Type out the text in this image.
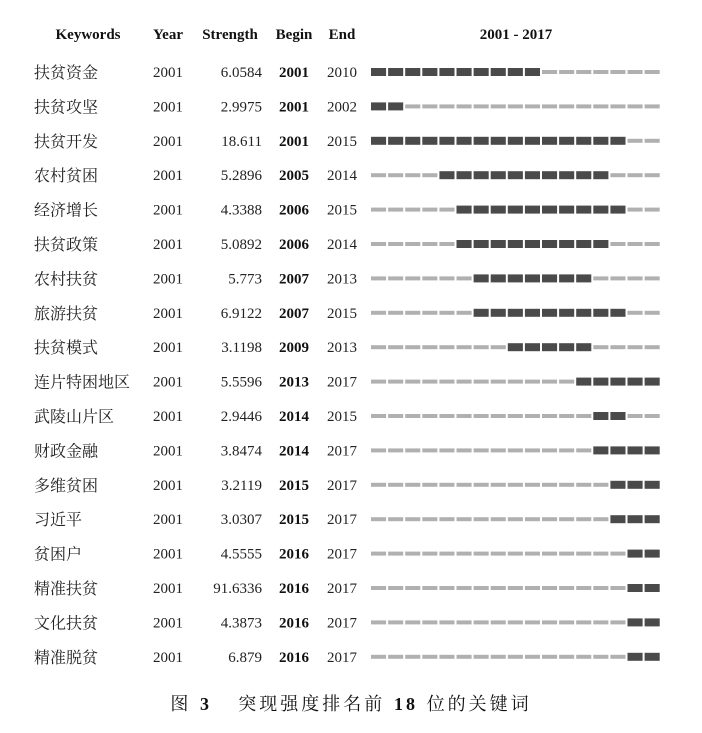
Keywords Year Strength Begin End	2001 - 2017
扶贫资金	2001	6.0584 2001 2010
扶贫攻坚	2001	2.9975 2001 2002
扶贫开发	2001	18.611 2001 2015
农村贫困	2001	5.2896 2005 2014
经济增长	2001	4.3388 2006 2015
扶贫政策	2001	5.0892 2006 2014
农村扶贫	2001	5.773 2007 2013
旅游扶贫	2001	6.9122 2007 2015
扶贫模式	2001	3.1198 2009 2013
连片特困地区 2001	5.5596 2013 2017
武陵山片区	2001	2.9446 2014 2015
财政金融	2001	3.8474 2014 2017
多维贫困	2001	3.2119 2015 2017
习近平	2001	3.0307 2015 2017
贫困户	2001	4.5555 2016 2017
精准扶贫	2001 91.6336 2016 2017
文化扶贫	2001	4.3873 2016 2017
精准脱贫	2001	6.879 2016 2017
图 3 突现强度排名前 18 位的关键词
